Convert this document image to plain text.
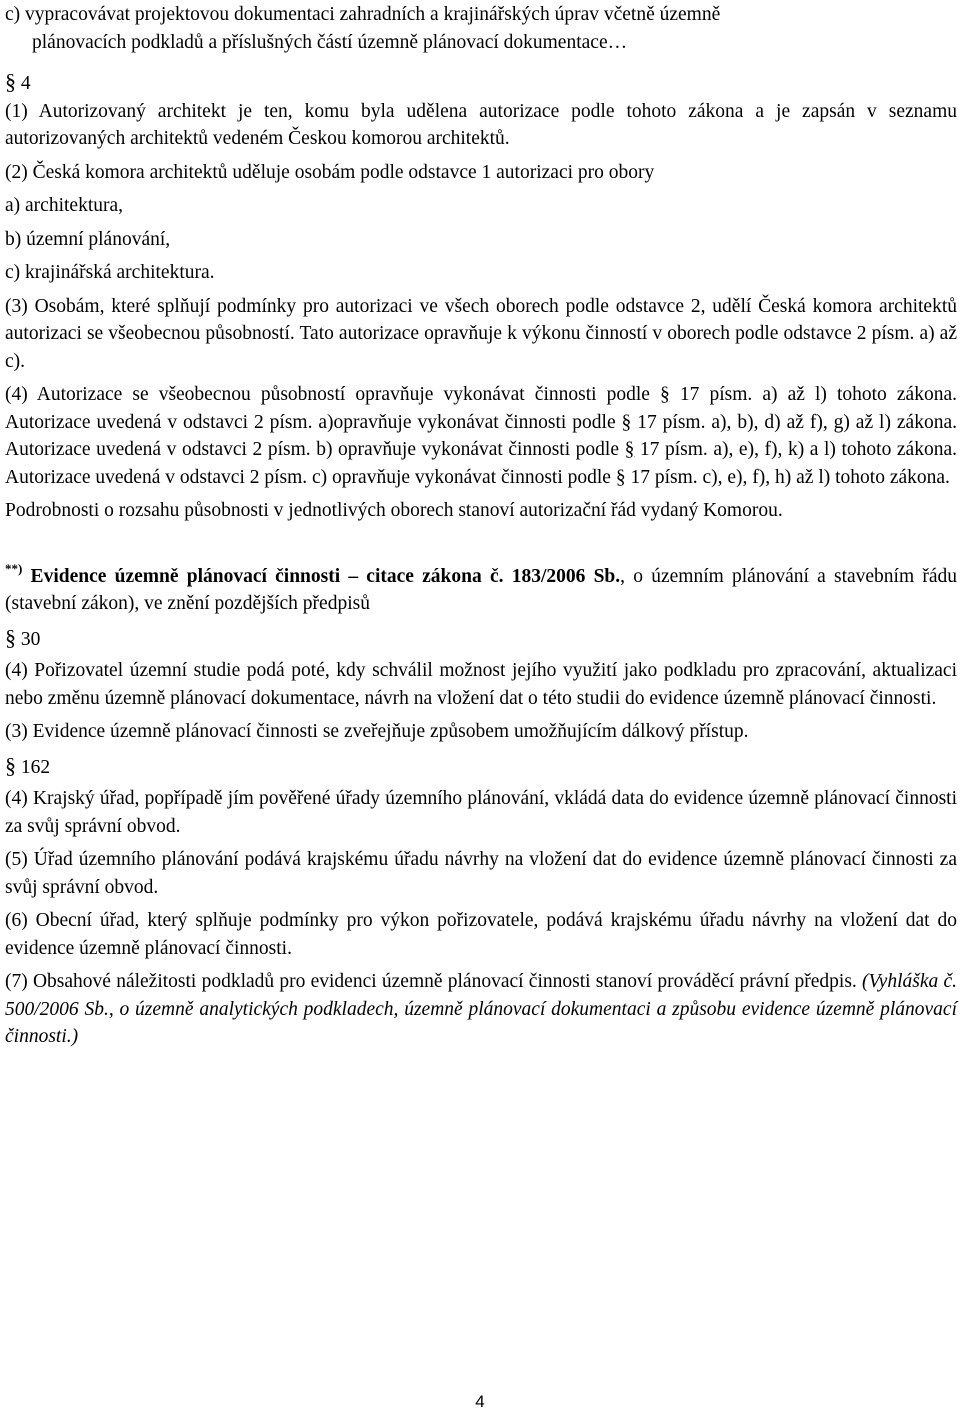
c) vypracovávat projektovou dokumentaci zahradních a krajinářských úprav včetně územně
plánovacích podkladů a příslušných částí územně plánovací dokumentace…

§ 4

(1) Autorizovaný architekt je ten, komu byla udělena autorizace podle tohoto zákona a je zapsán v seznamu autorizovaných architektů vedeném Českou komorou architektů.

(2) Česká komora architektů uděluje osobám podle odstavce 1 autorizaci pro obory

a) architektura,

b) územní plánování,

c) krajinářská architektura.

(3) Osobám, které splňují podmínky pro autorizaci ve všech oborech podle odstavce 2, udělí Česká komora architektů autorizaci se všeobecnou působností. Tato autorizace opravňuje k výkonu činností v oborech podle odstavce 2 písm. a) až c).

(4) Autorizace se všeobecnou působností opravňuje vykonávat činnosti podle § 17 písm. a) až l) tohoto zákona. Autorizace uvedená v odstavci 2 písm. a)opravňuje vykonávat činnosti podle § 17 písm. a), b), d) až f), g) až l) zákona. Autorizace uvedená v odstavci 2 písm. b) opravňuje vykonávat činnosti podle § 17 písm. a), e), f), k) a l) tohoto zákona. Autorizace uvedená v odstavci 2 písm. c) opravňuje vykonávat činnosti podle § 17 písm. c), e), f), h) až l) tohoto zákona.

Podrobnosti o rozsahu působnosti v jednotlivých oborech stanoví autorizační řád vydaný Komorou.

**) Evidence územně plánovací činnosti – citace zákona č. 183/2006 Sb., o územním plánování a stavebním řádu (stavební zákon), ve znění pozdějších předpisů

§ 30

(4) Pořizovatel územní studie podá poté, kdy schválil možnost jejího využití jako podkladu pro zpracování, aktualizaci nebo změnu územně plánovací dokumentace, návrh na vložení dat o této studii do evidence územně plánovací činnosti.

(3) Evidence územně plánovací činnosti se zveřejňuje způsobem umožňujícím dálkový přístup.

§ 162

(4) Krajský úřad, popřípadě jím pověřené úřady územního plánování, vkládá data do evidence územně plánovací činnosti za svůj správní obvod.

(5) Úřad územního plánování podává krajskému úřadu návrhy na vložení dat do evidence územně plánovací činnosti za svůj správní obvod.

(6) Obecní úřad, který splňuje podmínky pro výkon pořizovatele, podává krajskému úřadu návrhy na vložení dat do evidence územně plánovací činnosti.

(7) Obsahové náležitosti podkladů pro evidenci územně plánovací činnosti stanoví prováděcí právní předpis. (Vyhláška č. 500/2006 Sb., o územně analytických podkladech, územně plánovací dokumentaci a způsobu evidence územně plánovací činnosti.)

4
